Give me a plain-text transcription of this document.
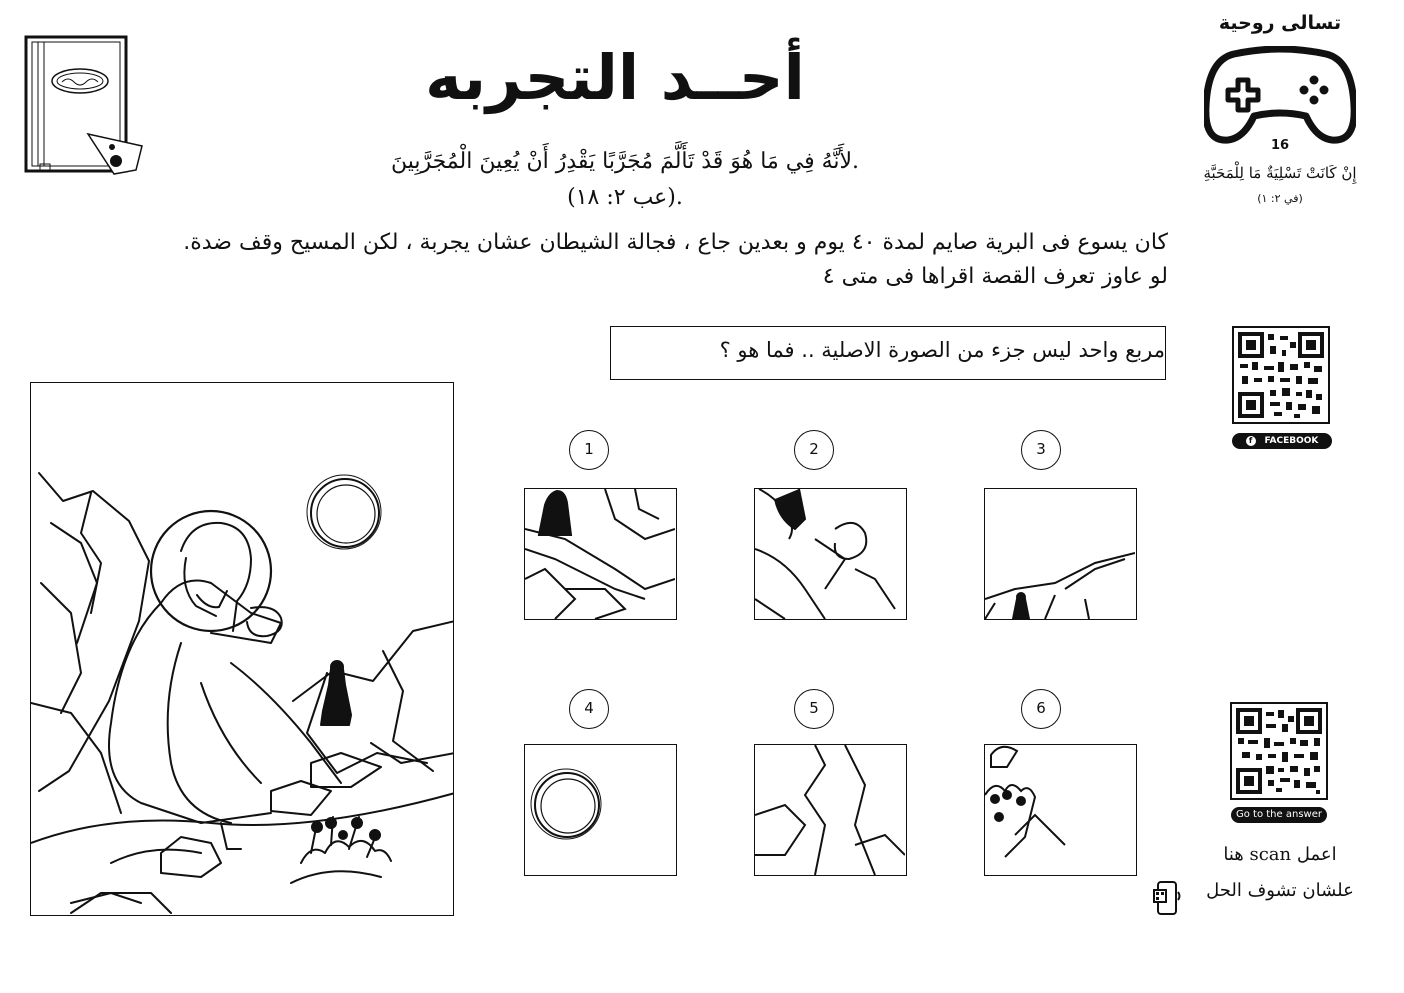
أحــد التجربه
.لأَنَّهُ فِي مَا هُوَ قَدْ تَأَلَّمَ مُجَرَّبًا يَقْدِرُ أَنْ يُعِينَ الْمُجَرَّبِينَ
.(عب ٢: ١٨)
تسالى روحية
16
إِنْ كَانَتْ تَسْلِيَةٌ مَا لِلْمَحَبَّةِ
(في ٢: ١)
كان يسوع فى البرية صايم لمدة ٤٠ يوم و بعدين جاع ، فجالة الشيطان عشان يجربة ، لكن المسيح وقف ضدة.
لو عاوز تعرف القصة اقراها فى متى ٤
مربع واحد ليس جزء من الصورة الاصلية .. فما هو ؟
f FACEBOOK
1	2	3
4	5	6
Go to the answer
اعمل scan هنا
علشان تشوف الحل
